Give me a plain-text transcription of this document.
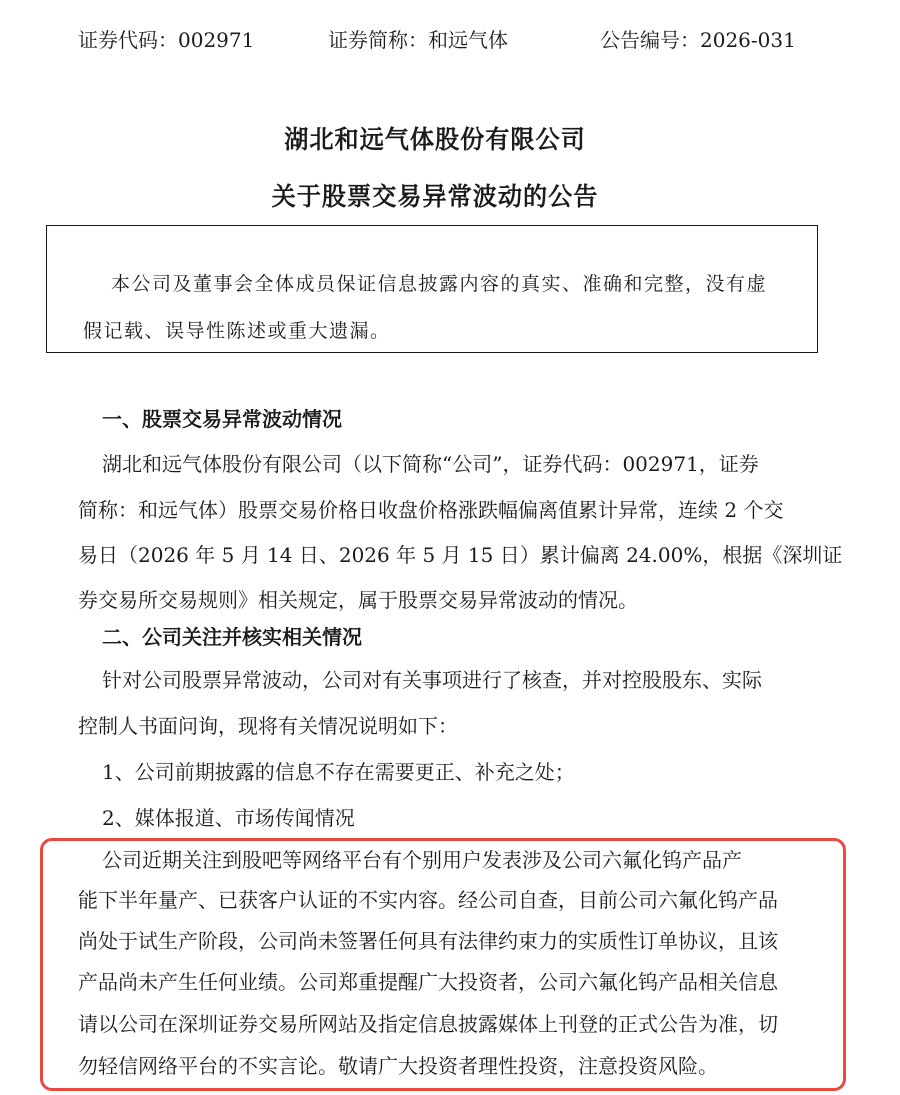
证券代码：002971	证券简称：和远气体	公告编号：2026-031
湖北和远气体股份有限公司
关于股票交易异常波动的公告
本公司及董事会全体成员保证信息披露内容的真实、准确和完整，没有虚
假记载、误导性陈述或重大遗漏。
一、股票交易异常波动情况
湖北和远气体股份有限公司（以下简称“公司”，证券代码：002971，证券
简称：和远气体）股票交易价格日收盘价格涨跌幅偏离值累计异常，连续 2 个交
易日（2026 年 5 月 14 日、2026 年 5 月 15 日）累计偏离 24.00%，根据《深圳证
券交易所交易规则》相关规定，属于股票交易异常波动的情况。
二、公司关注并核实相关情况
针对公司股票异常波动，公司对有关事项进行了核查，并对控股股东、实际
控制人书面问询，现将有关情况说明如下：
1、公司前期披露的信息不存在需要更正、补充之处；
2、媒体报道、市场传闻情况
公司近期关注到股吧等网络平台有个别用户发表涉及公司六氟化钨产品产
能下半年量产、已获客户认证的不实内容。经公司自查，目前公司六氟化钨产品
尚处于试生产阶段，公司尚未签署任何具有法律约束力的实质性订单协议，且该
产品尚未产生任何业绩。公司郑重提醒广大投资者，公司六氟化钨产品相关信息
请以公司在深圳证券交易所网站及指定信息披露媒体上刊登的正式公告为准，切
勿轻信网络平台的不实言论。敬请广大投资者理性投资，注意投资风险。
